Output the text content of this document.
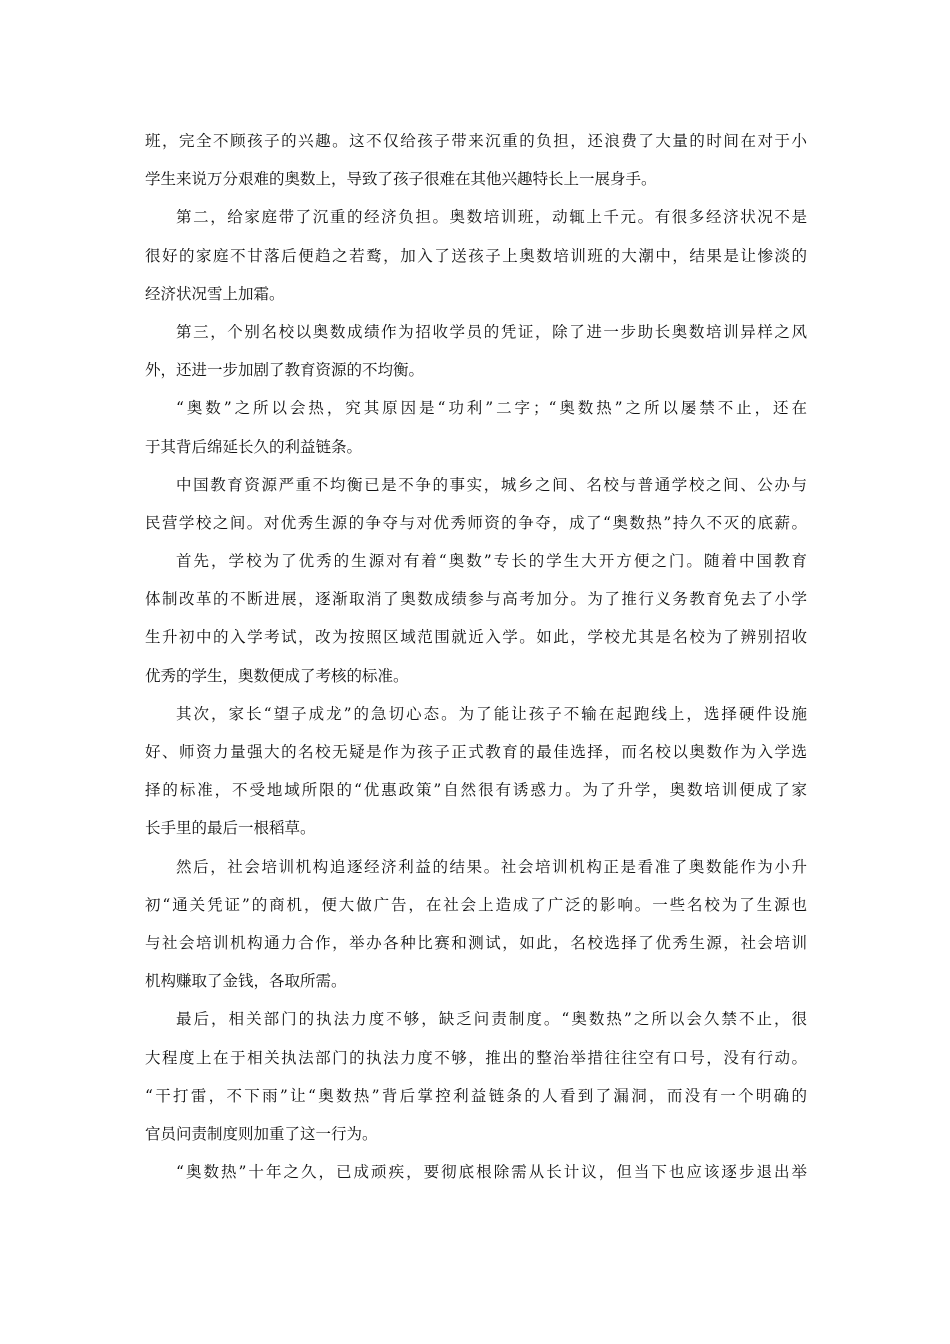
班，完全不顾孩子的兴趣。这不仅给孩子带来沉重的负担，还浪费了大量的时间在对于小
学生来说万分艰难的奥数上，导致了孩子很难在其他兴趣特长上一展身手。
第二，给家庭带了沉重的经济负担。奥数培训班，动辄上千元。有很多经济状况不是
很好的家庭不甘落后便趋之若鹜，加入了送孩子上奥数培训班的大潮中，结果是让惨淡的
经济状况雪上加霜。
第三，个别名校以奥数成绩作为招收学员的凭证，除了进一步助长奥数培训异样之风
外，还进一步加剧了教育资源的不均衡。
“奥数”之所以会热，究其原因是“功利”二字；“奥数热”之所以屡禁不止，还在
于其背后绵延长久的利益链条。
中国教育资源严重不均衡已是不争的事实，城乡之间、名校与普通学校之间、公办与
民营学校之间。对优秀生源的争夺与对优秀师资的争夺，成了“奥数热”持久不灭的底薪。
首先，学校为了优秀的生源对有着“奥数”专长的学生大开方便之门。随着中国教育
体制改革的不断进展，逐渐取消了奥数成绩参与高考加分。为了推行义务教育免去了小学
生升初中的入学考试，改为按照区域范围就近入学。如此，学校尤其是名校为了辨别招收
优秀的学生，奥数便成了考核的标准。
其次，家长“望子成龙”的急切心态。为了能让孩子不输在起跑线上，选择硬件设施
好、师资力量强大的名校无疑是作为孩子正式教育的最佳选择，而名校以奥数作为入学选
择的标准，不受地域所限的“优惠政策”自然很有诱惑力。为了升学，奥数培训便成了家
长手里的最后一根稻草。
然后，社会培训机构追逐经济利益的结果。社会培训机构正是看准了奥数能作为小升
初“通关凭证”的商机，便大做广告，在社会上造成了广泛的影响。一些名校为了生源也
与社会培训机构通力合作，举办各种比赛和测试，如此，名校选择了优秀生源，社会培训
机构赚取了金钱，各取所需。
最后，相关部门的执法力度不够，缺乏问责制度。“奥数热”之所以会久禁不止，很
大程度上在于相关执法部门的执法力度不够，推出的整治举措往往空有口号，没有行动。
“干打雷，不下雨”让“奥数热”背后掌控利益链条的人看到了漏洞，而没有一个明确的
官员问责制度则加重了这一行为。
“奥数热”十年之久，已成顽疾，要彻底根除需从长计议，但当下也应该逐步退出举
